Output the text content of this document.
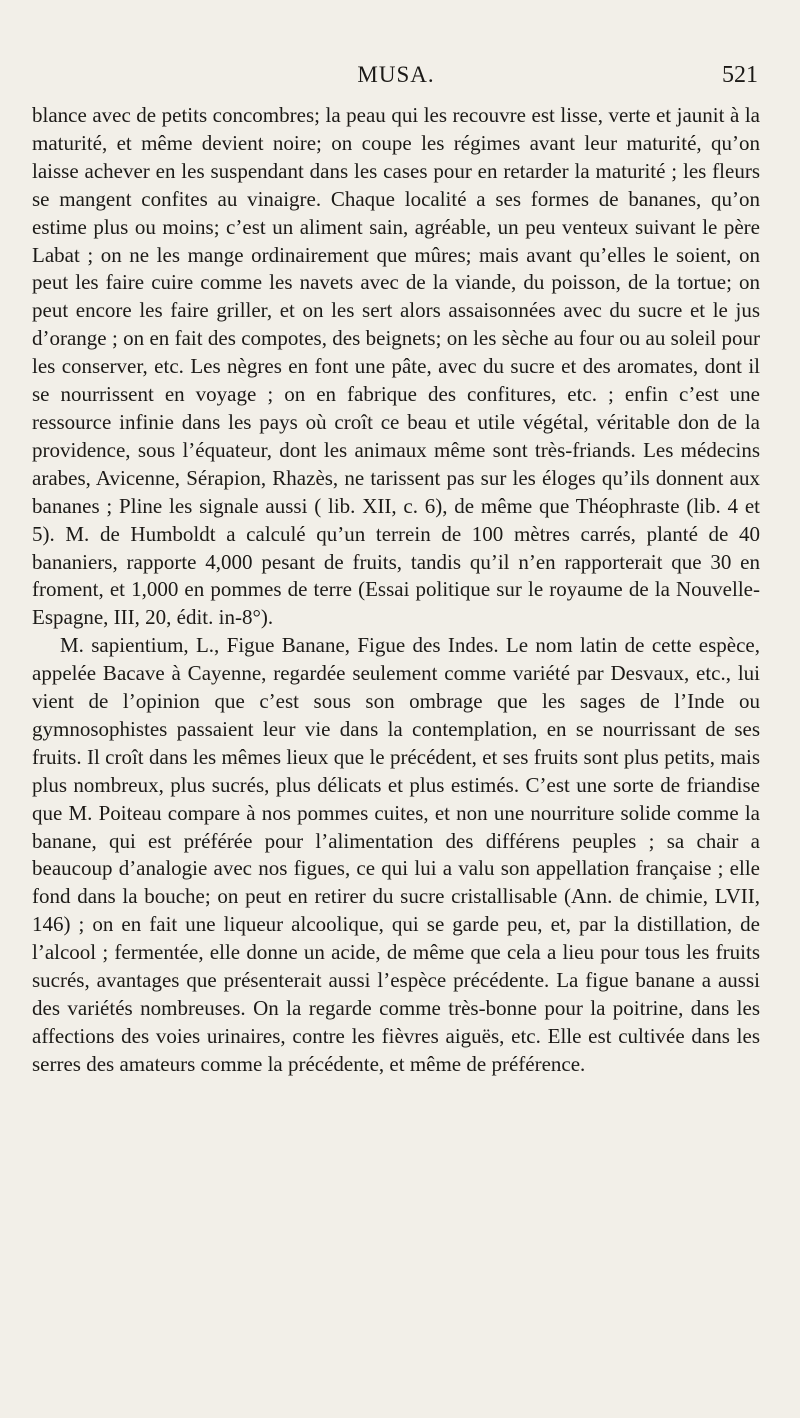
MUSA.	521

blance avec de petits concombres; la peau qui les recouvre est lisse, verte et jaunit à la maturité, et même devient noire; on coupe les régimes avant leur maturité, qu’on laisse achever en les suspendant dans les cases pour en retarder la maturité ; les fleurs se mangent confites au vinaigre. Chaque localité a ses formes de bananes, qu’on estime plus ou moins; c’est un aliment sain, agréable, un peu venteux suivant le père Labat ; on ne les mange ordinairement que mûres; mais avant qu’elles le soient, on peut les faire cuire comme les navets avec de la viande, du poisson, de la tortue; on peut encore les faire griller, et on les sert alors assaisonnées avec du sucre et le jus d’orange ; on en fait des compotes, des beignets; on les sèche au four ou au soleil pour les conserver, etc. Les nègres en font une pâte, avec du sucre et des aromates, dont il se nourrissent en voyage ; on en fabrique des confitures, etc. ; enfin c’est une ressource infinie dans les pays où croît ce beau et utile végétal, véritable don de la providence, sous l’équateur, dont les animaux même sont très-friands. Les médecins arabes, Avicenne, Sérapion, Rhazès, ne tarissent pas sur les éloges qu’ils donnent aux bananes ; Pline les signale aussi ( lib. XII, c. 6), de même que Théophraste (lib. 4 et 5). M. de Humboldt a calculé qu’un terrein de 100 mètres carrés, planté de 40 bananiers, rapporte 4,000 pesant de fruits, tandis qu’il n’en rapporterait que 30 en froment, et 1,000 en pommes de terre (Essai politique sur le royaume de la Nouvelle-Espagne, III, 20, édit. in-8°).

M. sapientium, L., Figue Banane, Figue des Indes. Le nom latin de cette espèce, appelée Bacave à Cayenne, regardée seulement comme variété par Desvaux, etc., lui vient de l’opinion que c’est sous son ombrage que les sages de l’Inde ou gymnosophistes passaient leur vie dans la contemplation, en se nourrissant de ses fruits. Il croît dans les mêmes lieux que le précédent, et ses fruits sont plus petits, mais plus nombreux, plus sucrés, plus délicats et plus estimés. C’est une sorte de friandise que M. Poiteau compare à nos pommes cuites, et non une nourriture solide comme la banane, qui est préférée pour l’alimentation des différens peuples ; sa chair a beaucoup d’analogie avec nos figues, ce qui lui a valu son appellation française ; elle fond dans la bouche; on peut en retirer du sucre cristallisable (Ann. de chimie, LVII, 146) ; on en fait une liqueur alcoolique, qui se garde peu, et, par la distillation, de l’alcool ; fermentée, elle donne un acide, de même que cela a lieu pour tous les fruits sucrés, avantages que présenterait aussi l’espèce précédente. La figue banane a aussi des variétés nombreuses. On la regarde comme très-bonne pour la poitrine, dans les affections des voies urinaires, contre les fièvres aiguës, etc. Elle est cultivée dans les serres des amateurs comme la précédente, et même de préférence.
